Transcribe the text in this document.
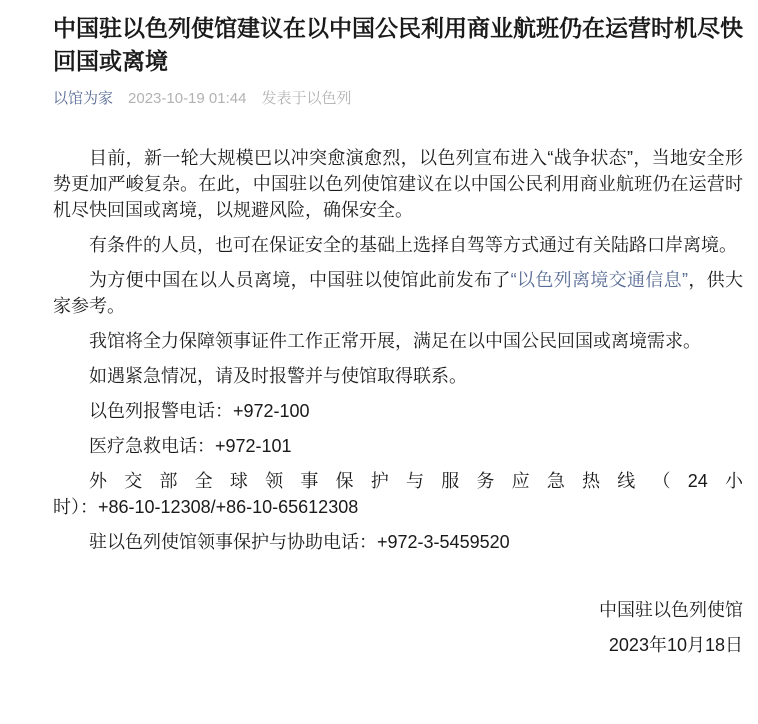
中国驻以色列使馆建议在以中国公民利用商业航班仍在运营时机尽快回国或离境
以馆为家 2023-10-19 01:44 发表于以色列

目前，新一轮大规模巴以冲突愈演愈烈，以色列宣布进入“战争状态”，当地安全形势更加严峻复杂。在此，中国驻以色列使馆建议在以中国公民利用商业航班仍在运营时机尽快回国或离境，以规避风险，确保安全。

有条件的人员，也可在保证安全的基础上选择自驾等方式通过有关陆路口岸离境。

为方便中国在以人员离境，中国驻以使馆此前发布了“以色列离境交通信息”，供大家参考。

我馆将全力保障领事证件工作正常开展，满足在以中国公民回国或离境需求。

如遇紧急情况，请及时报警并与使馆取得联系。

以色列报警电话：+972-100

医疗急救电话：+972-101

外交部全球领事保护与服务应急热线（24小
时）：+86-10-12308/+86-10-65612308

驻以色列使馆领事保护与协助电话：+972-3-5459520

中国驻以色列使馆

2023年10月18日
